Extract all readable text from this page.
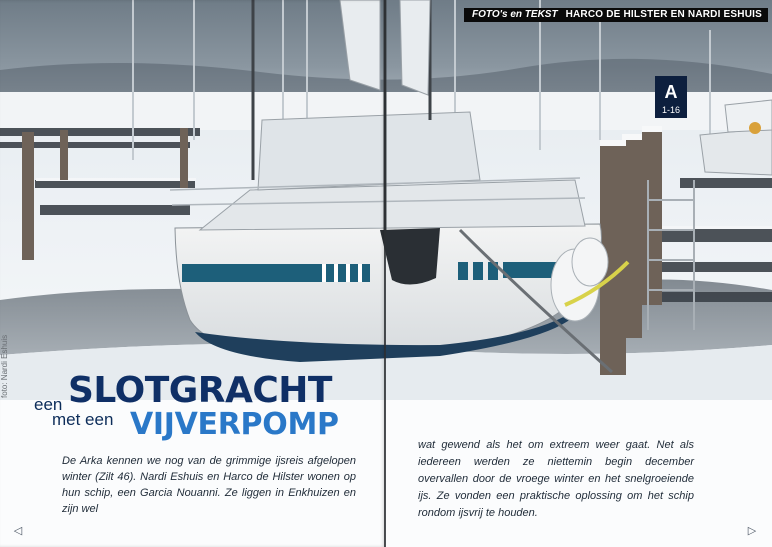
A
1-16
FOTO's en TEKST HARCO DE HILSTER EN NARDI ESHUIS
foto: Nardi Eshuis
een SLOTGRACHT
met een VIJVERPOMP
De Arka kennen we nog van de grimmige ijsreis afgelopen winter (Zilt 46). Nardi Eshuis en Harco de Hilster wonen op hun schip, een Garcia Nouanni. Ze liggen in Enkhuizen en zijn wel
wat gewend als het om extreem weer gaat. Net als iedereen werden ze niettemin begin december overvallen door de vroege winter en het snelgroeiende ijs. Ze vonden een praktische oplossing om het schip rondom ijsvrij te houden.
◁	▷
